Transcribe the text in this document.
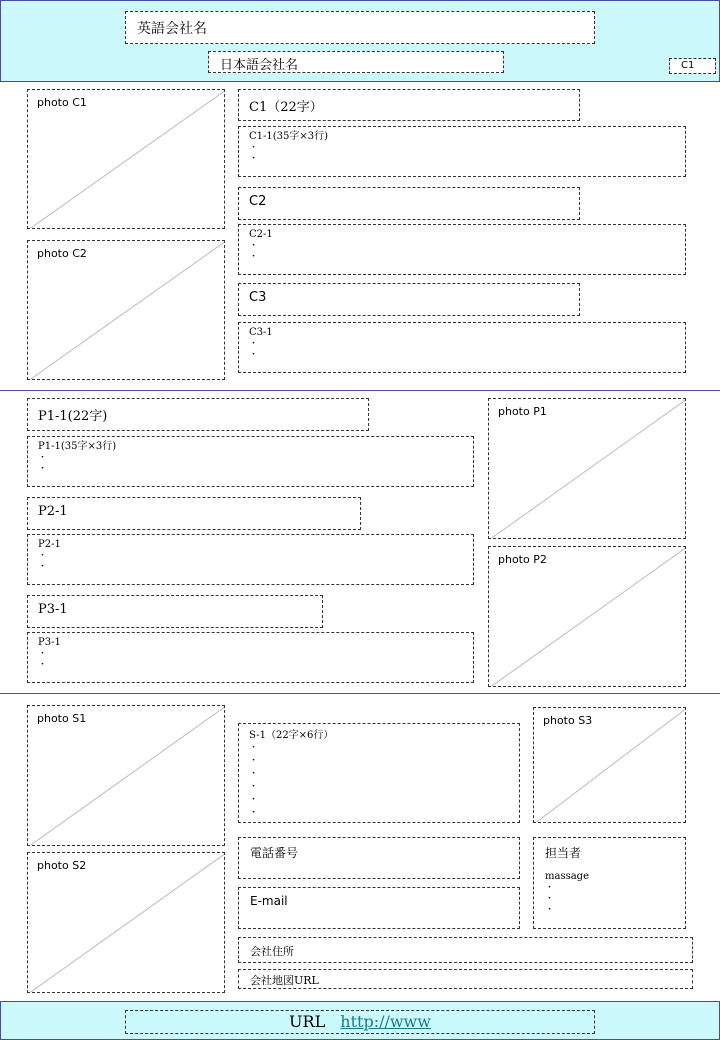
英語会社名
日本語会社名	C1
photo C1
photo C2
C1（22字）
C1-1(35字×3行)
・
・
C2
C2-1
・
・
C3
C3-1
・
・
P1-1(22字)
P1-1(35字×3行)
・
・
P2-1
P2-1
・
・
P3-1
P3-1
・
・
photo P1
photo P2
photo S1
photo S2
S-1（22字×6行）
・
・
・
・
・
・
photo S3
電話番号
E-mail
担当者
massage
・
・
・
会社住所
会社地図URL
URL http://www
